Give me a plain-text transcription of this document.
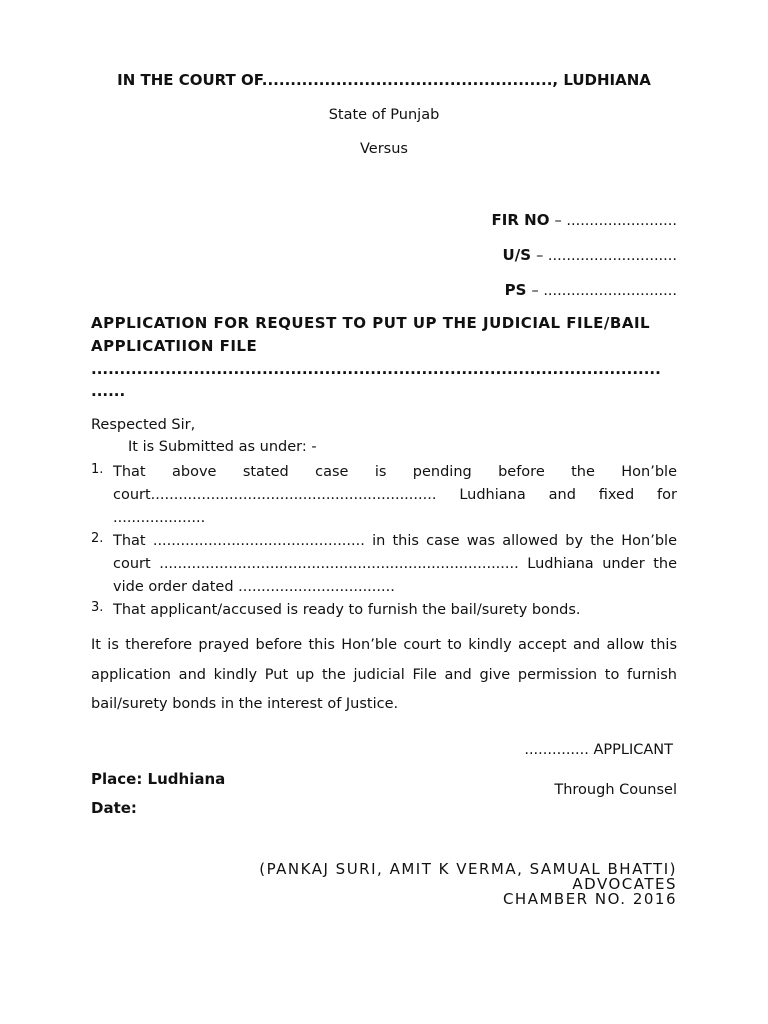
IN THE COURT OF..................................................., LUDHIANA
State of Punjab
Versus
FIR NO – ........................
U/S – ............................
PS – .............................
APPLICATION FOR REQUEST TO PUT UP THE JUDICIAL FILE/BAIL
APPLICATIION FILE
....................................................................................................
......
Respected Sir,
It is Submitted as under: -
1. That above stated case is pending before the Hon’ble court.............................................................. Ludhiana and fixed for ....................
2. That .............................................. in this case was allowed by the Hon’ble court .............................................................................. Ludhiana under the vide order dated ..................................
3. That applicant/accused is ready to furnish the bail/surety bonds.
It is therefore prayed before this Hon’ble court to kindly accept and allow this application and kindly Put up the judicial File and give permission to furnish bail/surety bonds in the interest of Justice.
.............. APPLICANT
Place: Ludhiana
Through Counsel
Date:
(PANKAJ SURI, AMIT K VERMA, SAMUAL BHATTI)
ADVOCATES
CHAMBER NO. 2016
